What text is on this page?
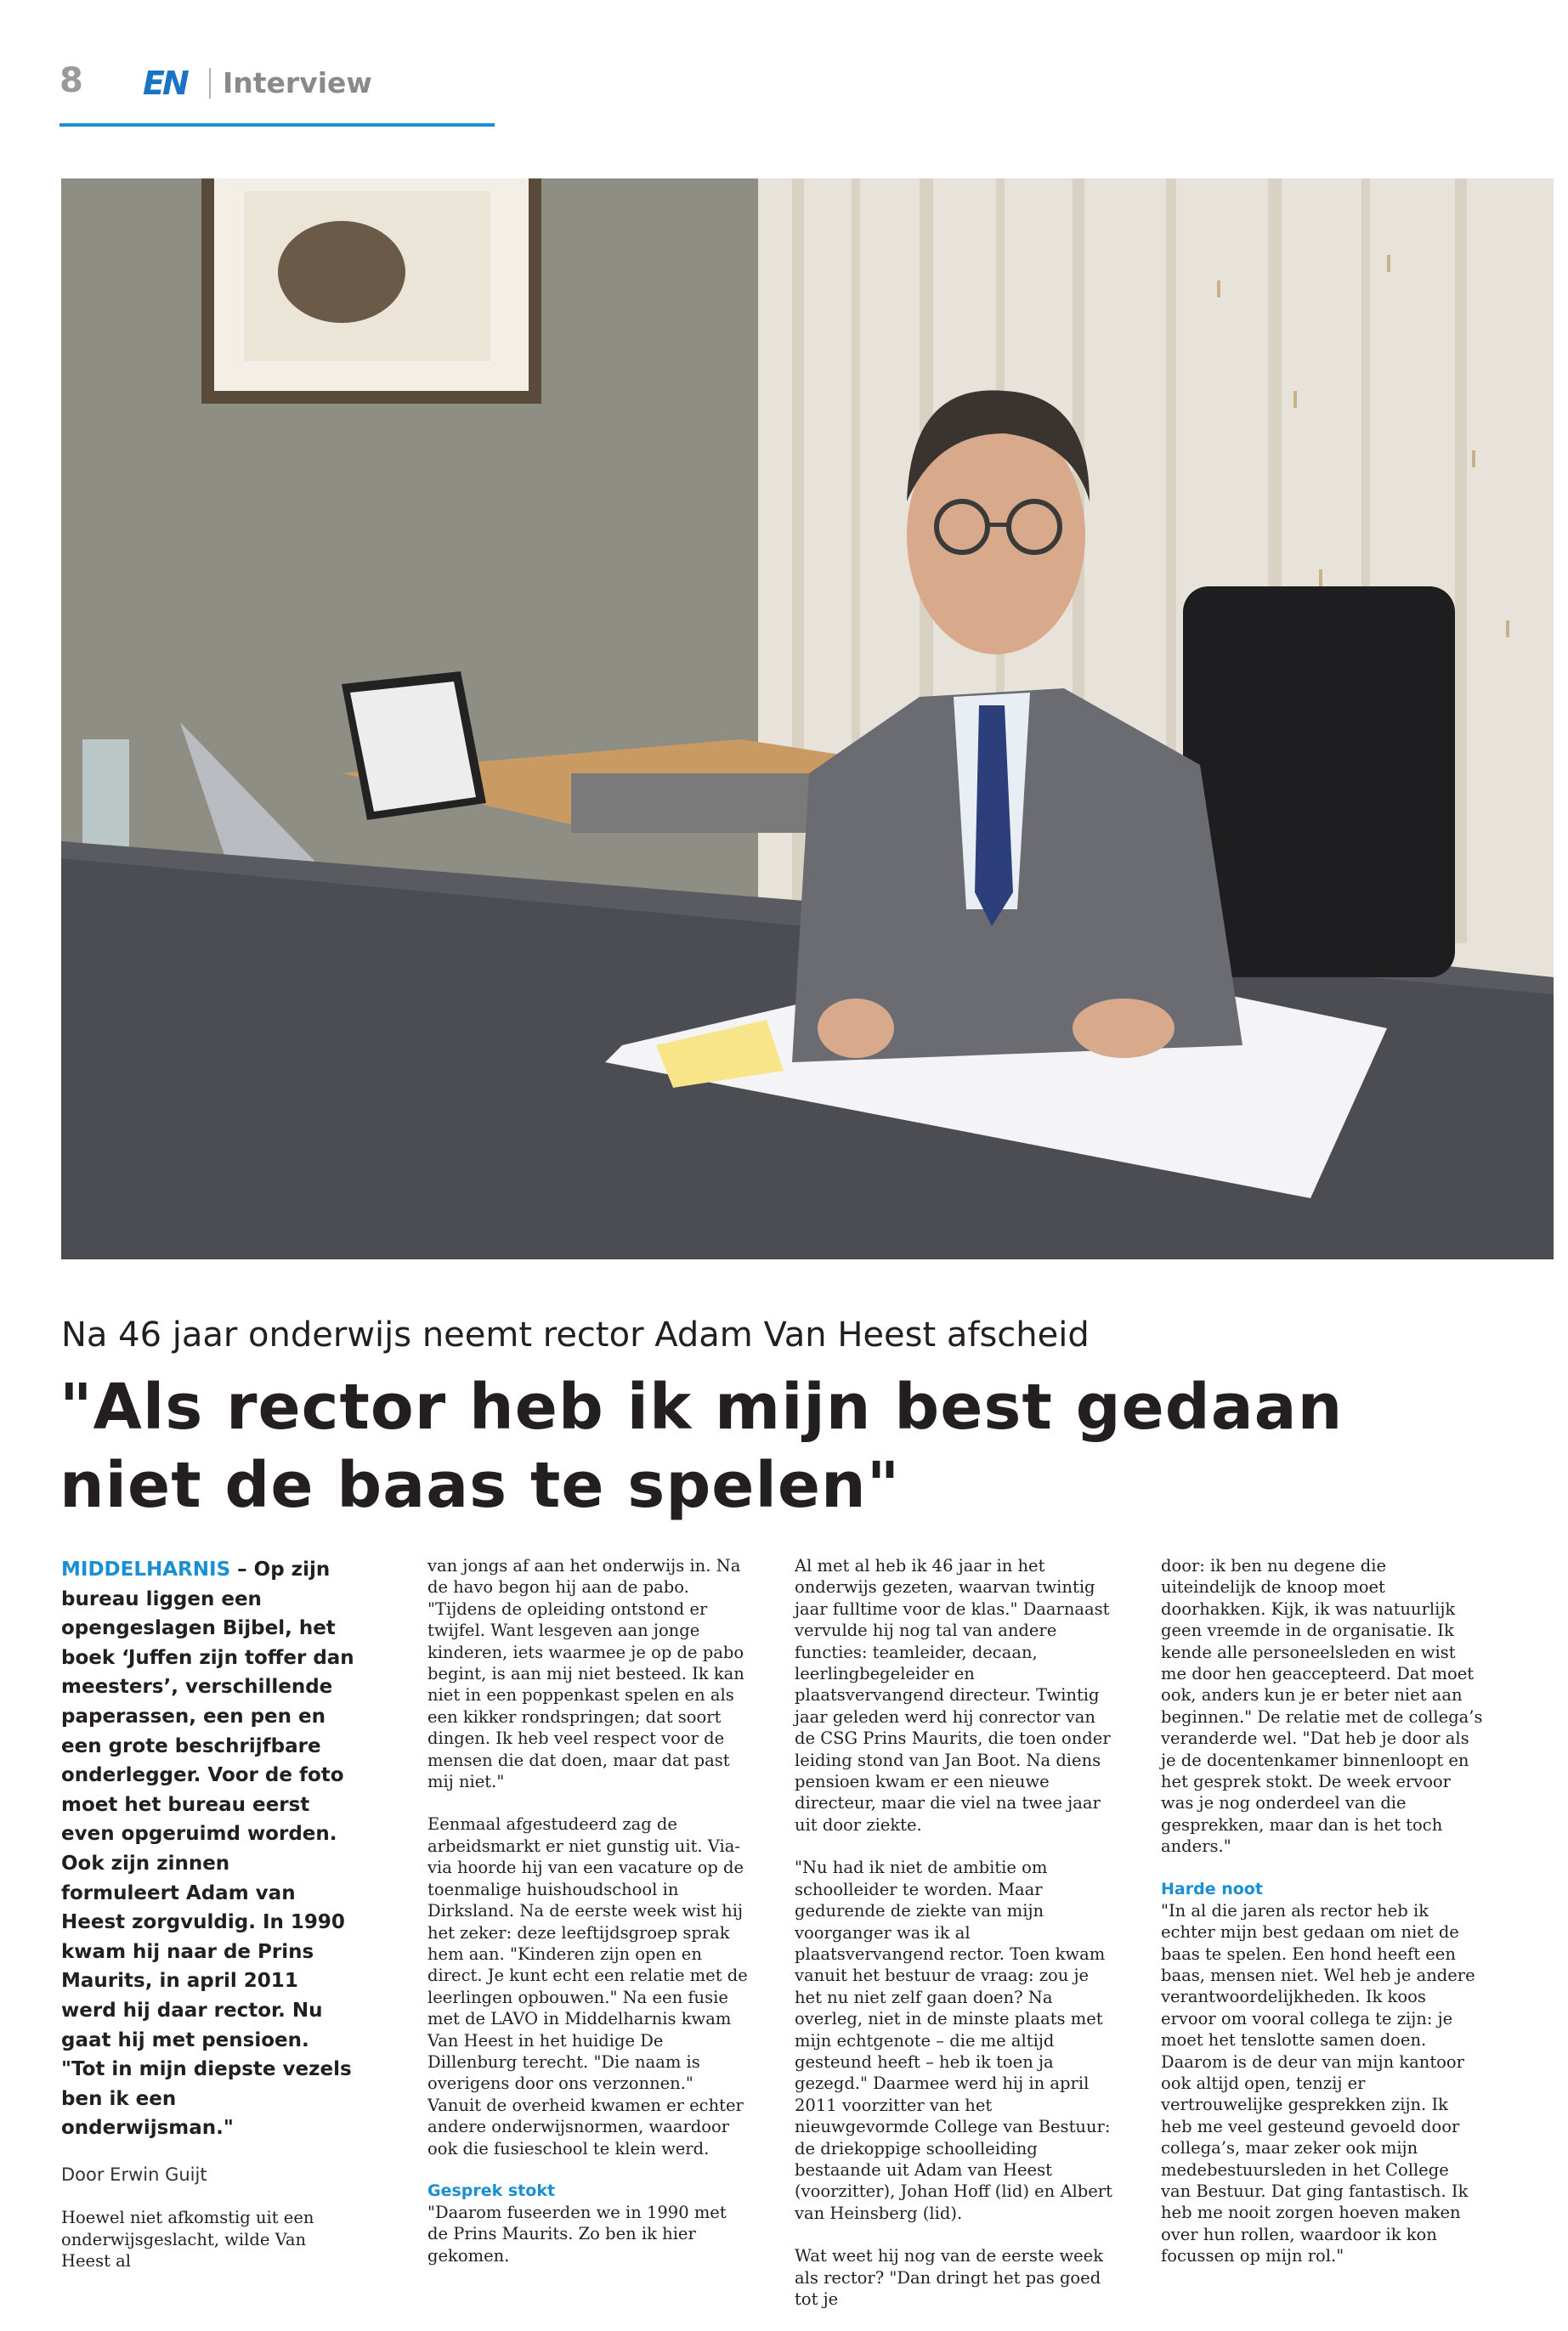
8 EN Interview
Na 46 jaar onderwijs neemt rector Adam Van Heest afscheid
"Als rector heb ik mijn best gedaan niet de baas te spelen"

MIDDELHARNIS – Op zijn bureau liggen een opengeslagen Bijbel, het boek ‘Juffen zijn toffer dan meesters’, verschillende paperassen, een pen en een grote beschrijfbare onderlegger. Voor de foto moet het bureau eerst even opgeruimd worden. Ook zijn zinnen formuleert Adam van Heest zorgvuldig. In 1990 kwam hij naar de Prins Maurits, in april 2011 werd hij daar rector. Nu gaat hij met pensioen. "Tot in mijn diepste vezels ben ik een onderwijsman."

Door Erwin Guijt

Hoewel niet afkomstig uit een onderwijsgeslacht, wilde Van Heest al

van jongs af aan het onderwijs in. Na de havo begon hij aan de pabo. "Tijdens de opleiding ontstond er twijfel. Want lesgeven aan jonge kinderen, iets waarmee je op de pabo begint, is aan mij niet besteed. Ik kan niet in een poppenkast spelen en als een kikker rondspringen; dat soort dingen. Ik heb veel respect voor de mensen die dat doen, maar dat past mij niet."

Eenmaal afgestudeerd zag de arbeidsmarkt er niet gunstig uit. Via-via hoorde hij van een vacature op de toenmalige huishoudschool in Dirksland. Na de eerste week wist hij het zeker: deze leeftijdsgroep sprak hem aan. "Kinderen zijn open en direct. Je kunt echt een relatie met de leerlingen opbouwen." Na een fusie met de LAVO in Middelharnis kwam Van Heest in het huidige De Dillenburg terecht. "Die naam is overigens door ons verzonnen." Vanuit de overheid kwamen er echter andere onderwijsnormen, waardoor ook die fusieschool te klein werd.

Gesprek stokt

"Daarom fuseerden we in 1990 met de Prins Maurits. Zo ben ik hier gekomen.

Al met al heb ik 46 jaar in het onderwijs gezeten, waarvan twintig jaar fulltime voor de klas." Daarnaast vervulde hij nog tal van andere functies: teamleider, decaan, leerlingbegeleider en plaatsvervangend directeur. Twintig jaar geleden werd hij conrector van de CSG Prins Maurits, die toen onder leiding stond van Jan Boot. Na diens pensioen kwam er een nieuwe directeur, maar die viel na twee jaar uit door ziekte.

"Nu had ik niet de ambitie om schoolleider te worden. Maar gedurende de ziekte van mijn voorganger was ik al plaatsvervangend rector. Toen kwam vanuit het bestuur de vraag: zou je het nu niet zelf gaan doen? Na overleg, niet in de minste plaats met mijn echtgenote – die me altijd gesteund heeft – heb ik toen ja gezegd." Daarmee werd hij in april 2011 voorzitter van het nieuwgevormde College van Bestuur: de driekoppige schoolleiding bestaande uit Adam van Heest (voorzitter), Johan Hoff (lid) en Albert van Heinsberg (lid).

Wat weet hij nog van de eerste week als rector? "Dan dringt het pas goed tot je

door: ik ben nu degene die uiteindelijk de knoop moet doorhakken. Kijk, ik was natuurlijk geen vreemde in de organisatie. Ik kende alle personeelsleden en wist me door hen geaccepteerd. Dat moet ook, anders kun je er beter niet aan beginnen." De relatie met de collega’s veranderde wel. "Dat heb je door als je de docentenkamer binnenloopt en het gesprek stokt. De week ervoor was je nog onderdeel van die gesprekken, maar dan is het toch anders."

Harde noot

"In al die jaren als rector heb ik echter mijn best gedaan om niet de baas te spelen. Een hond heeft een baas, mensen niet. Wel heb je andere verantwoordelijkheden. Ik koos ervoor om vooral collega te zijn: je moet het tenslotte samen doen. Daarom is de deur van mijn kantoor ook altijd open, tenzij er vertrouwelijke gesprekken zijn. Ik heb me veel gesteund gevoeld door collega’s, maar zeker ook mijn medebestuursleden in het College van Bestuur. Dat ging fantastisch. Ik heb me nooit zorgen hoeven maken over hun rollen, waardoor ik kon focussen op mijn rol."
